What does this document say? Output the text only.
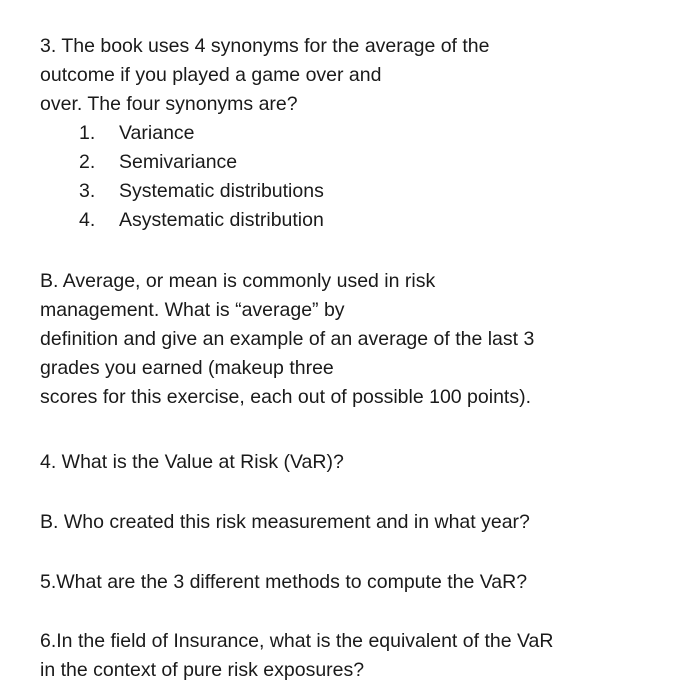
3. The book uses 4 synonyms for the average of the
outcome if you played a game over and
over. The four synonyms are?
1. Variance
2. Semivariance
3. Systematic distributions
4. Asystematic distribution
B. Average, or mean is commonly used in risk
management. What is “average” by
definition and give an example of an average of the last 3
grades you earned (makeup three
scores for this exercise, each out of possible 100 points).
4. What is the Value at Risk (VaR)?
B. Who created this risk measurement and in what year?
5.What are the 3 different methods to compute the VaR?
6.In the field of Insurance, what is the equivalent of the VaR
in the context of pure risk exposures?
